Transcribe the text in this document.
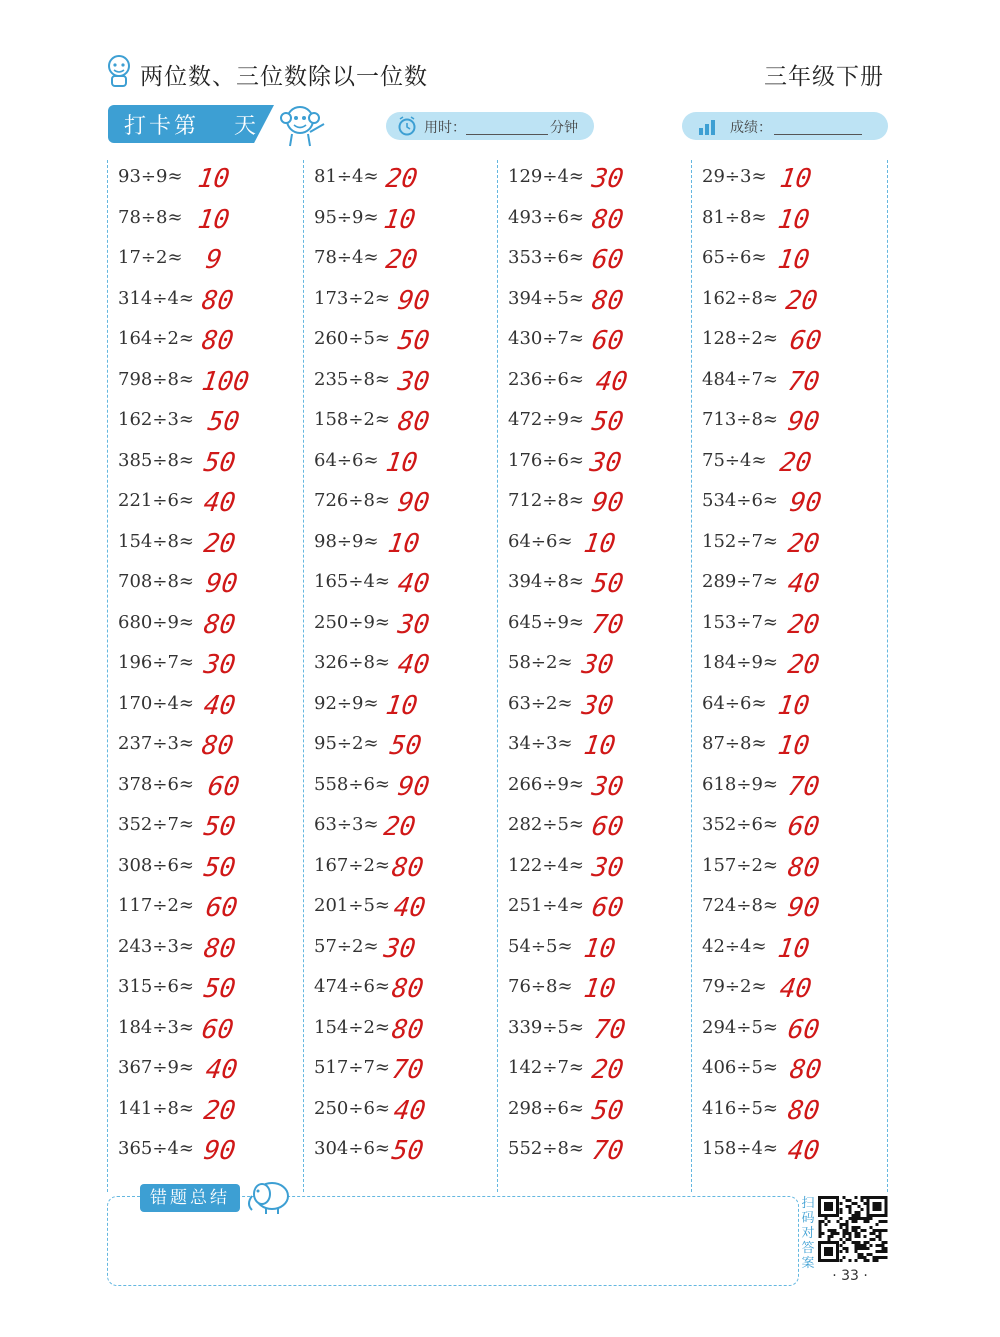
两位数、三位数除以一位数	三年级下册
打卡第 天	用时：	分钟	成绩：
93÷9≈ 10
78÷8≈ 10
17÷2≈ 9
314÷4≈ 80
164÷2≈ 80
798÷8≈ 100
162÷3≈ 50
385÷8≈ 50
221÷6≈ 40
154÷8≈ 20
708÷8≈ 90
680÷9≈ 80
196÷7≈ 30
170÷4≈ 40
237÷3≈ 80
378÷6≈ 60
352÷7≈ 50
308÷6≈ 50
117÷2≈ 60
243÷3≈ 80
315÷6≈ 50
184÷3≈ 60
367÷9≈ 40
141÷8≈ 20
365÷4≈ 90
81÷4≈ 20
95÷9≈ 10
78÷4≈ 20
173÷2≈ 90
260÷5≈ 50
235÷8≈ 30
158÷2≈ 80
64÷6≈ 10
726÷8≈ 90
98÷9≈ 10
165÷4≈ 40
250÷9≈ 30
326÷8≈ 40
92÷9≈ 10
95÷2≈ 50
558÷6≈ 90
63÷3≈ 20
167÷2≈ 80
201÷5≈ 40
57÷2≈ 30
474÷6≈ 80
154÷2≈ 80
517÷7≈ 70
250÷6≈ 40
304÷6≈ 50
129÷4≈ 30
493÷6≈ 80
353÷6≈ 60
394÷5≈ 80
430÷7≈ 60
236÷6≈ 40
472÷9≈ 50
176÷6≈ 30
712÷8≈ 90
64÷6≈ 10
394÷8≈ 50
645÷9≈ 70
58÷2≈ 30
63÷2≈ 30
34÷3≈ 10
266÷9≈ 30
282÷5≈ 60
122÷4≈ 30
251÷4≈ 60
54÷5≈ 10
76÷8≈ 10
339÷5≈ 70
142÷7≈ 20
298÷6≈ 50
552÷8≈ 70
29÷3≈ 10
81÷8≈ 10
65÷6≈ 10
162÷8≈ 20
128÷2≈ 60
484÷7≈ 70
713÷8≈ 90
75÷4≈ 20
534÷6≈ 90
152÷7≈ 20
289÷7≈ 40
153÷7≈ 20
184÷9≈ 20
64÷6≈ 10
87÷8≈ 10
618÷9≈ 70
352÷6≈ 60
157÷2≈ 80
724÷8≈ 90
42÷4≈ 10
79÷2≈ 40
294÷5≈ 60
406÷5≈ 80
416÷5≈ 80
158÷4≈ 40
错题总结	扫码对答案
· 33 ·
